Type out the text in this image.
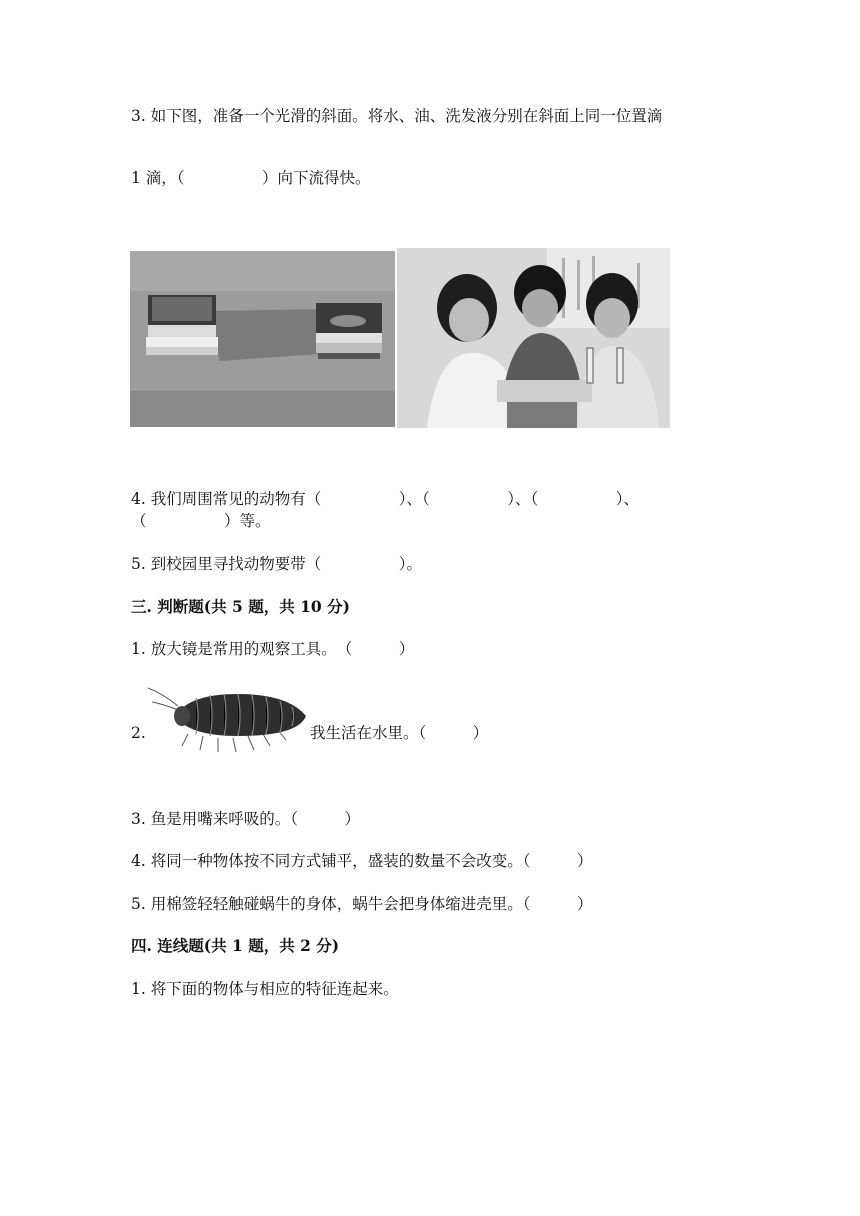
3. 如下图，准备一个光滑的斜面。将水、油、洗发液分别在斜面上同一位置滴
1 滴，（　　　　　）向下流得快。
4. 我们周围常见的动物有（　　　　　）、（　　　　　）、（　　　　　）、
（　　　　　）等。
5. 到校园里寻找动物要带（　　　　　）。
三. 判断题(共 5 题，共 10 分)
1. 放大镜是常用的观察工具。　（　　　）
2.	我生活在水里。（　　　）
3. 鱼是用嘴来呼吸的。（　　　）
4. 将同一种物体按不同方式铺平，盛装的数量不会改变。（　　　）
5. 用棉签轻轻触碰蜗牛的身体，蜗牛会把身体缩进壳里。（　　　）
四. 连线题(共 1 题，共 2 分)
1. 将下面的物体与相应的特征连起来。
